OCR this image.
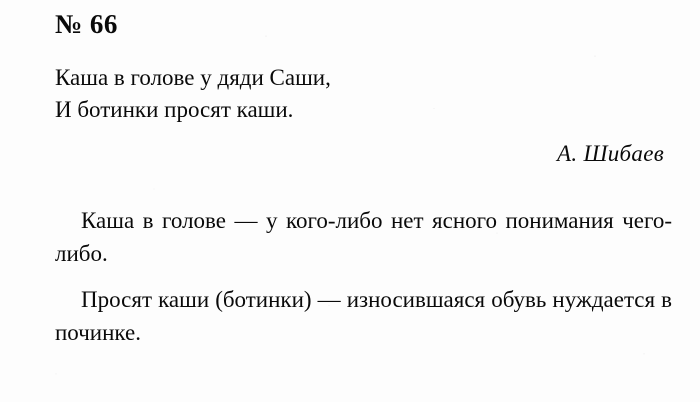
№ 66
Каша в голове у дяди Саши,
И ботинки просят каши.
А. Шибаев
Каша в голове — у кого-либо нет ясного понимания чего-либо.
Просят каши (ботинки) — износившаяся обувь нуждается в починке.
